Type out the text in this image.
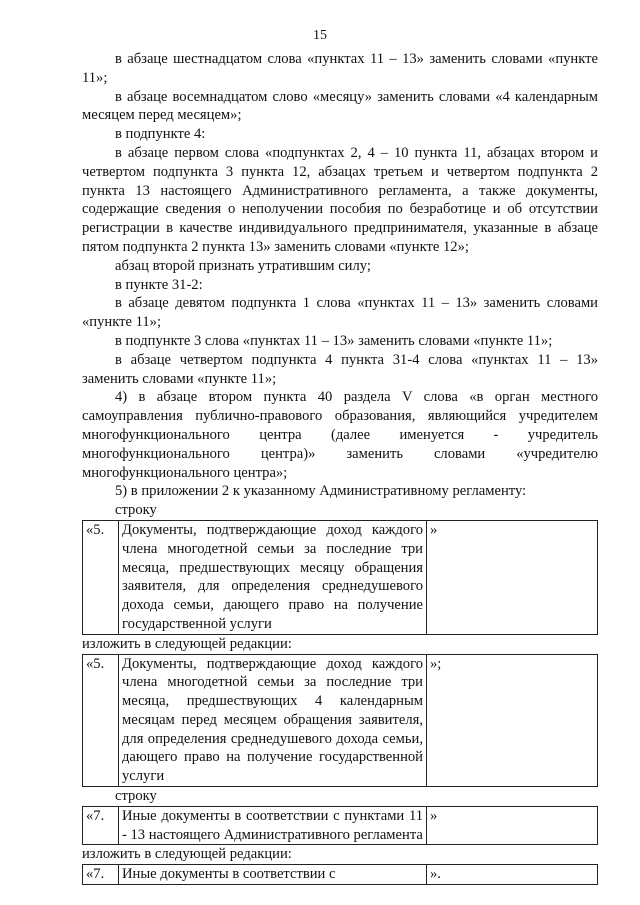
15

в абзаце шестнадцатом слова «пунктах 11 – 13» заменить словами «пункте 11»;

в абзаце восемнадцатом слово «месяцу» заменить словами «4 календарным месяцем перед месяцем»;

в подпункте 4:

в абзаце первом слова «подпунктах 2, 4 – 10 пункта 11, абзацах втором и четвертом подпункта 3 пункта 12, абзацах третьем и четвертом подпункта 2 пункта 13 настоящего Административного регламента, а также документы, содержащие сведения о неполучении пособия по безработице и об отсутствии регистрации в качестве индивидуального предпринимателя, указанные в абзаце пятом подпункта 2 пункта 13» заменить словами «пункте 12»;

абзац второй признать утратившим силу;

в пункте 31-2:

в абзаце девятом подпункта 1 слова «пунктах 11 – 13» заменить словами «пункте 11»;

в подпункте 3 слова «пунктах 11 – 13» заменить словами «пункте 11»;

в абзаце четвертом подпункта 4 пункта 31-4 слова «пунктах 11 – 13» заменить словами «пункте 11»;

4) в абзаце втором пункта 40 раздела V слова «в орган местного самоуправления публично-правового образования, являющийся учредителем многофункционального центра (далее именуется - учредитель многофункционального центра)» заменить словами «учредителю многофункционального центра»;

5) в приложении 2 к указанному Административному регламенту:

строку

«5.	Документы, подтверждающие доход каждого члена многодетной семьи за последние три месяца, предшествующих месяцу обращения заявителя, для определения среднедушевого дохода семьи, дающего право на получение государственной услуги	»

изложить в следующей редакции:

«5.	Документы, подтверждающие доход каждого члена многодетной семьи за последние три месяца, предшествующих 4 календарным месяцам перед месяцем обращения заявителя, для определения среднедушевого дохода семьи, дающего право на получение государственной услуги	»;

строку

«7.	Иные документы в соответствии с пунктами 11 - 13 настоящего Административного регламента	»

изложить в следующей редакции:

«7.	Иные документы в соответствии с	».
